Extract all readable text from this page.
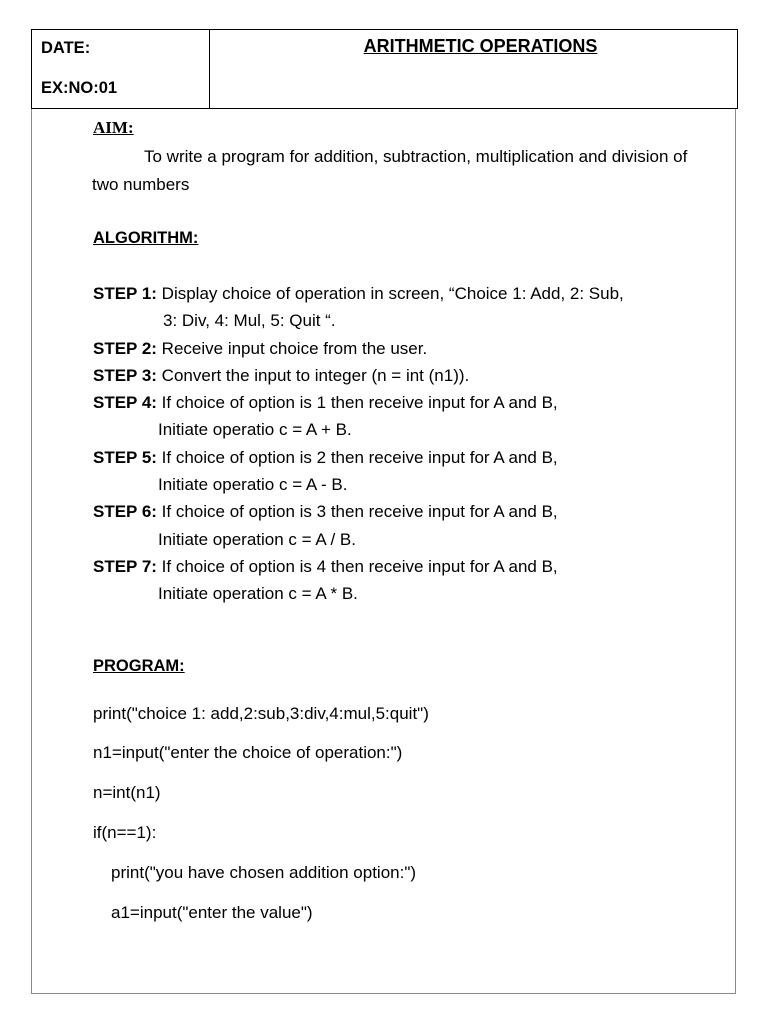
DATE:
EX:NO:01
ARITHMETIC OPERATIONS
AIM:
To write a program for addition, subtraction, multiplication and division of two numbers
ALGORITHM:
STEP 1: Display choice of operation in screen, “Choice 1: Add, 2: Sub,
3: Div, 4: Mul, 5: Quit “.
STEP 2: Receive input choice from the user.
STEP 3: Convert the input to integer (n = int (n1)).
STEP 4: If choice of option is 1 then receive input for A and B,
Initiate operatio c = A + B.
STEP 5: If choice of option is 2 then receive input for A and B,
Initiate operatio c = A - B.
STEP 6: If choice of option is 3 then receive input for A and B,
Initiate operation c = A / B.
STEP 7: If choice of option is 4 then receive input for A and B,
Initiate operation c = A * B.
PROGRAM:
print("choice 1: add,2:sub,3:div,4:mul,5:quit")
n1=input("enter the choice of operation:")
n=int(n1)
if(n==1):
print("you have chosen addition option:")
a1=input("enter the value")
